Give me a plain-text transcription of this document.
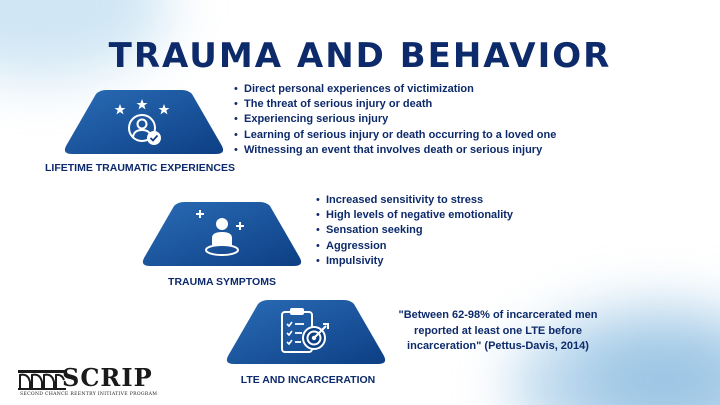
TRAUMA AND BEHAVIOR
LIFETIME TRAUMATIC EXPERIENCES
• Direct personal experiences of victimization
• The threat of serious injury or death
• Experiencing serious injury
• Learning of serious injury or death occurring to a loved one
• Witnessing an event that involves death or serious injury
TRAUMA SYMPTOMS
• Increased sensitivity to stress
• High levels of negative emotionality
• Sensation seeking
• Aggression
• Impulsivity
LTE AND INCARCERATION
"Between 62-98% of incarcerated men reported at least one LTE before incarceration" (Pettus-Davis, 2014)
SCRIP
SECOND CHANCE REENTRY INITIATIVE PROGRAM
